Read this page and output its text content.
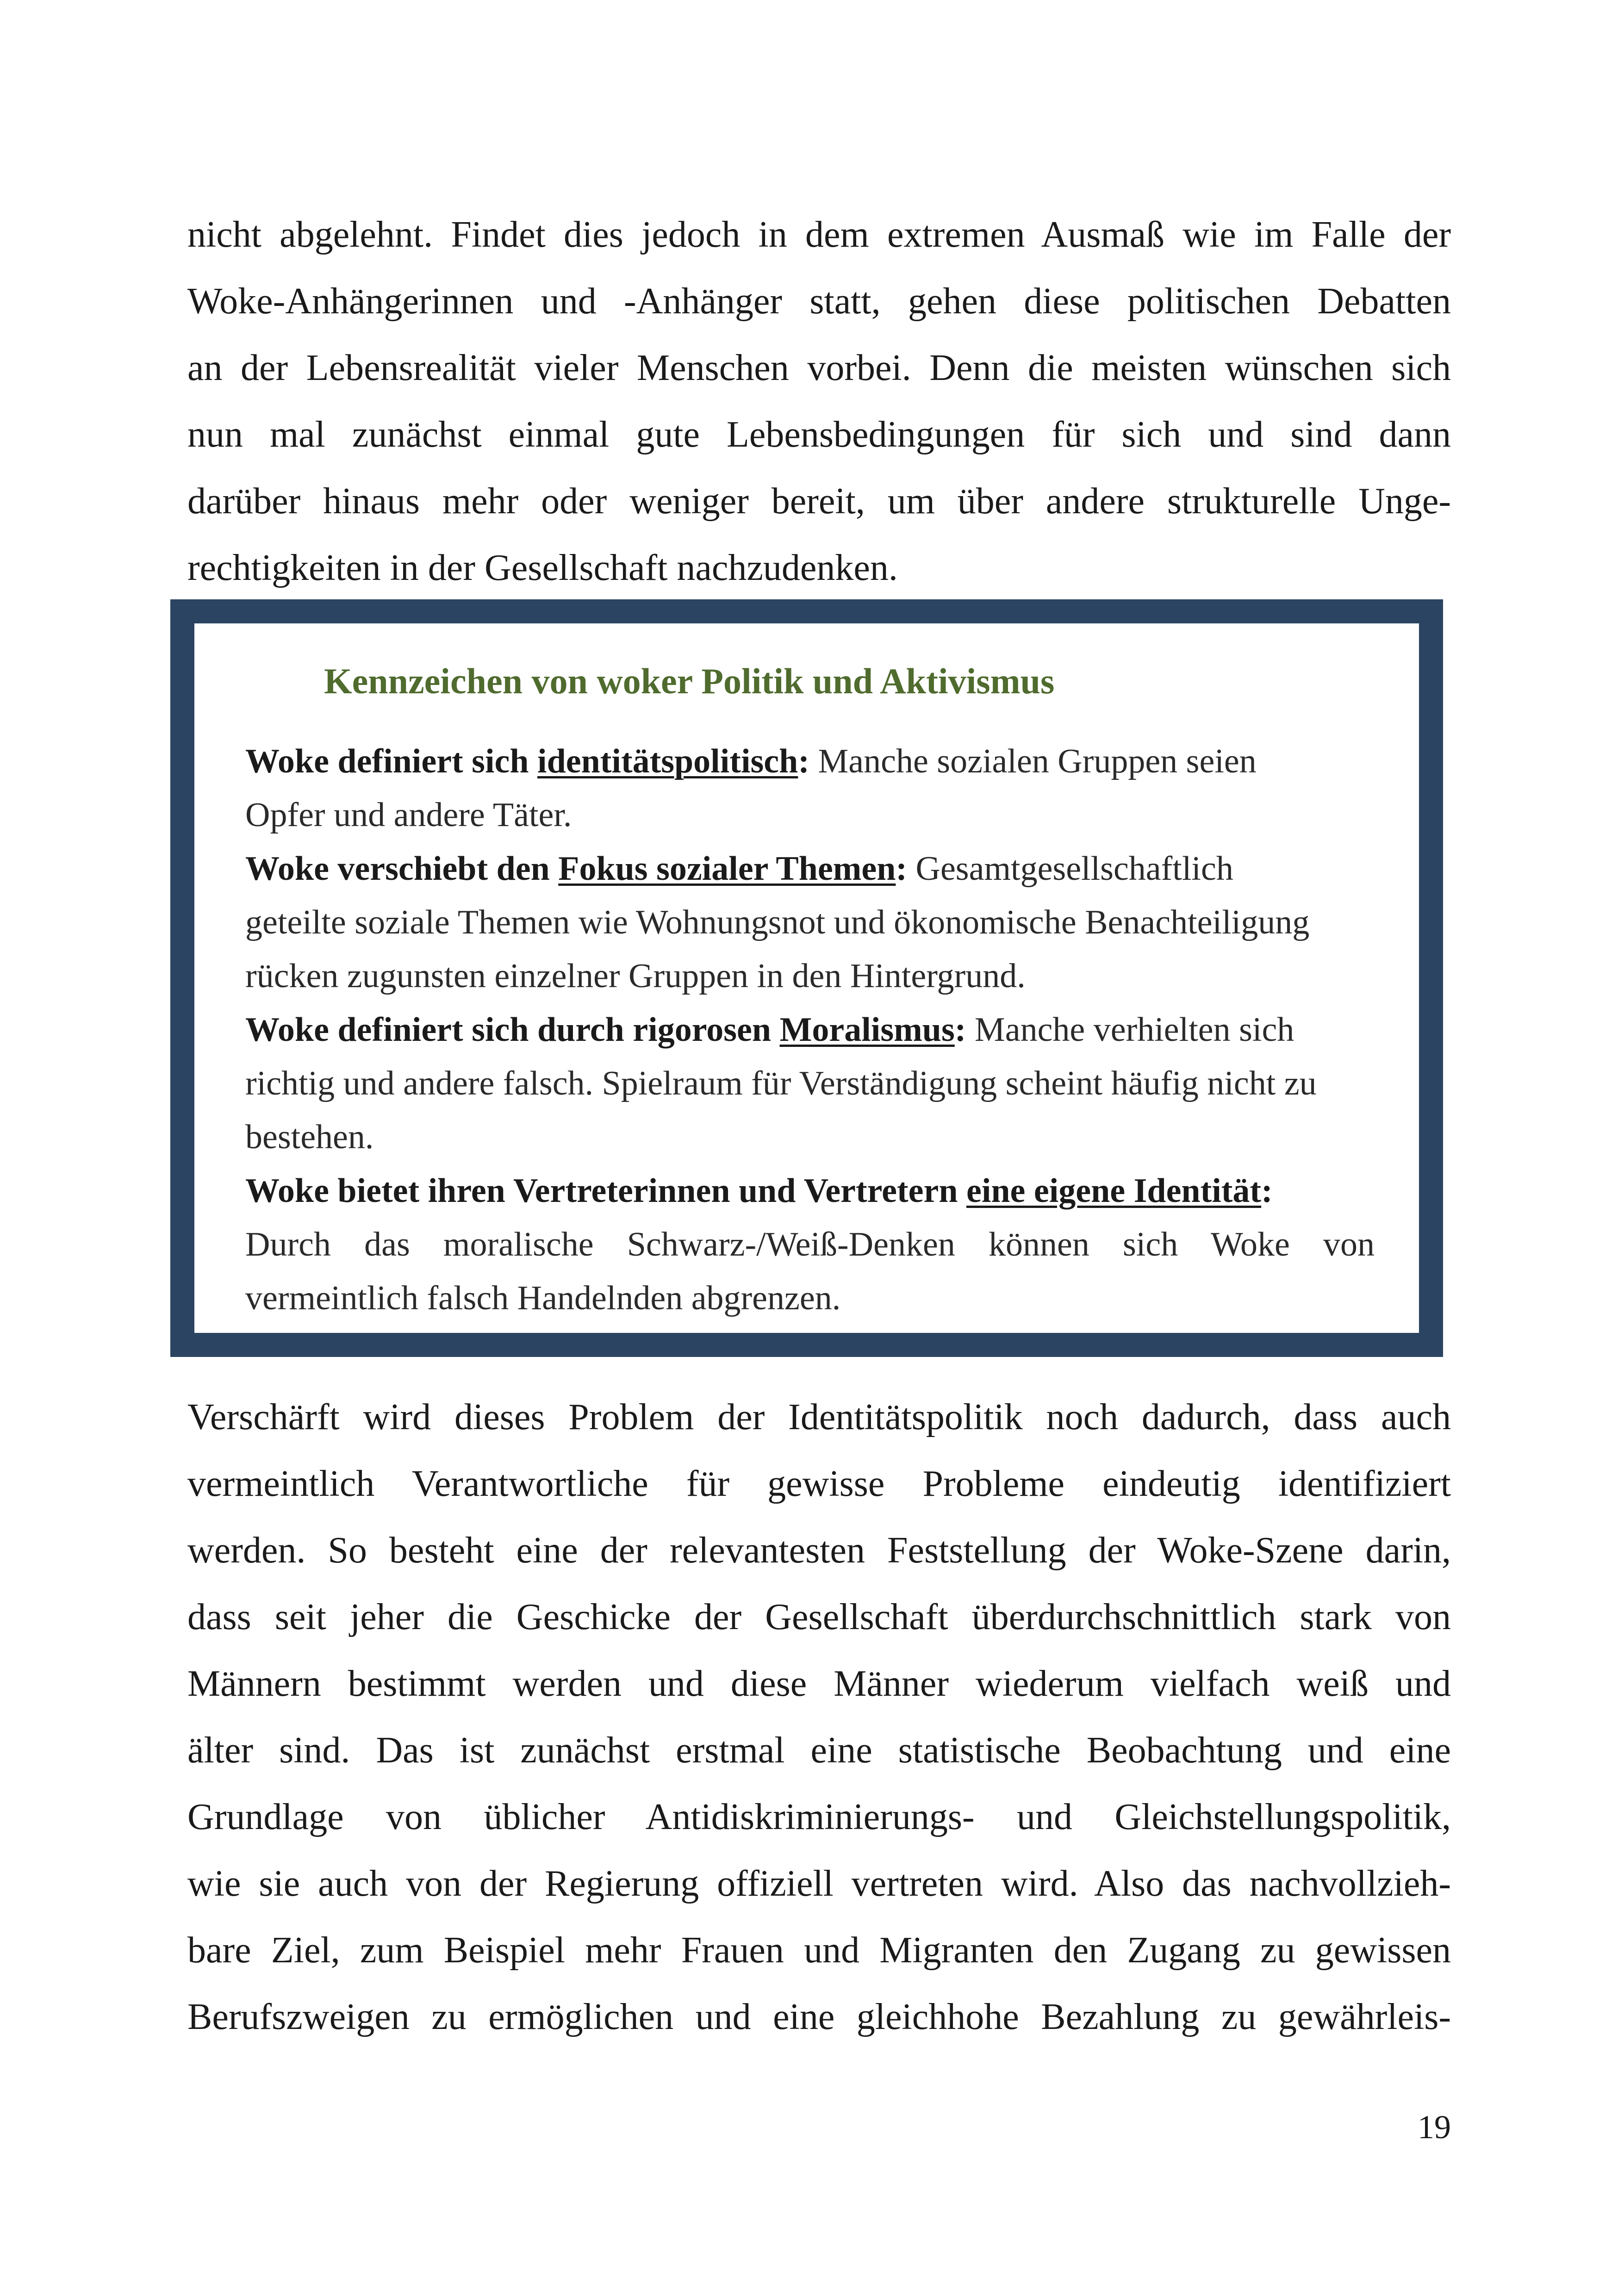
nicht abgelehnt. Findet dies jedoch in dem extremen Ausmaß wie im Falle der
Woke-Anhängerinnen und -Anhänger statt, gehen diese politischen Debatten
an der Lebensrealität vieler Menschen vorbei. Denn die meisten wünschen sich
nun mal zunächst einmal gute Lebensbedingungen für sich und sind dann
darüber hinaus mehr oder weniger bereit, um über andere strukturelle Unge-
rechtigkeiten in der Gesellschaft nachzudenken.
Kennzeichen von woker Politik und Aktivismus
Woke definiert sich identitätspolitisch: Manche sozialen Gruppen seien
Opfer und andere Täter.
Woke verschiebt den Fokus sozialer Themen: Gesamtgesellschaftlich
geteilte soziale Themen wie Wohnungsnot und ökonomische Benachteiligung
rücken zugunsten einzelner Gruppen in den Hintergrund.
Woke definiert sich durch rigorosen Moralismus: Manche verhielten sich
richtig und andere falsch. Spielraum für Verständigung scheint häufig nicht zu
bestehen.
Woke bietet ihren Vertreterinnen und Vertretern eine eigene Identität:
Durch das moralische Schwarz-/Weiß-Denken können sich Woke von
vermeintlich falsch Handelnden abgrenzen.
Verschärft wird dieses Problem der Identitätspolitik noch dadurch, dass auch
vermeintlich Verantwortliche für gewisse Probleme eindeutig identifiziert
werden. So besteht eine der relevantesten Feststellung der Woke-Szene darin,
dass seit jeher die Geschicke der Gesellschaft überdurchschnittlich stark von
Männern bestimmt werden und diese Männer wiederum vielfach weiß und
älter sind. Das ist zunächst erstmal eine statistische Beobachtung und eine
Grundlage von üblicher Antidiskriminierungs- und Gleichstellungspolitik,
wie sie auch von der Regierung offiziell vertreten wird. Also das nachvollzieh-
bare Ziel, zum Beispiel mehr Frauen und Migranten den Zugang zu gewissen
Berufszweigen zu ermöglichen und eine gleichhohe Bezahlung zu gewährleis-
19
